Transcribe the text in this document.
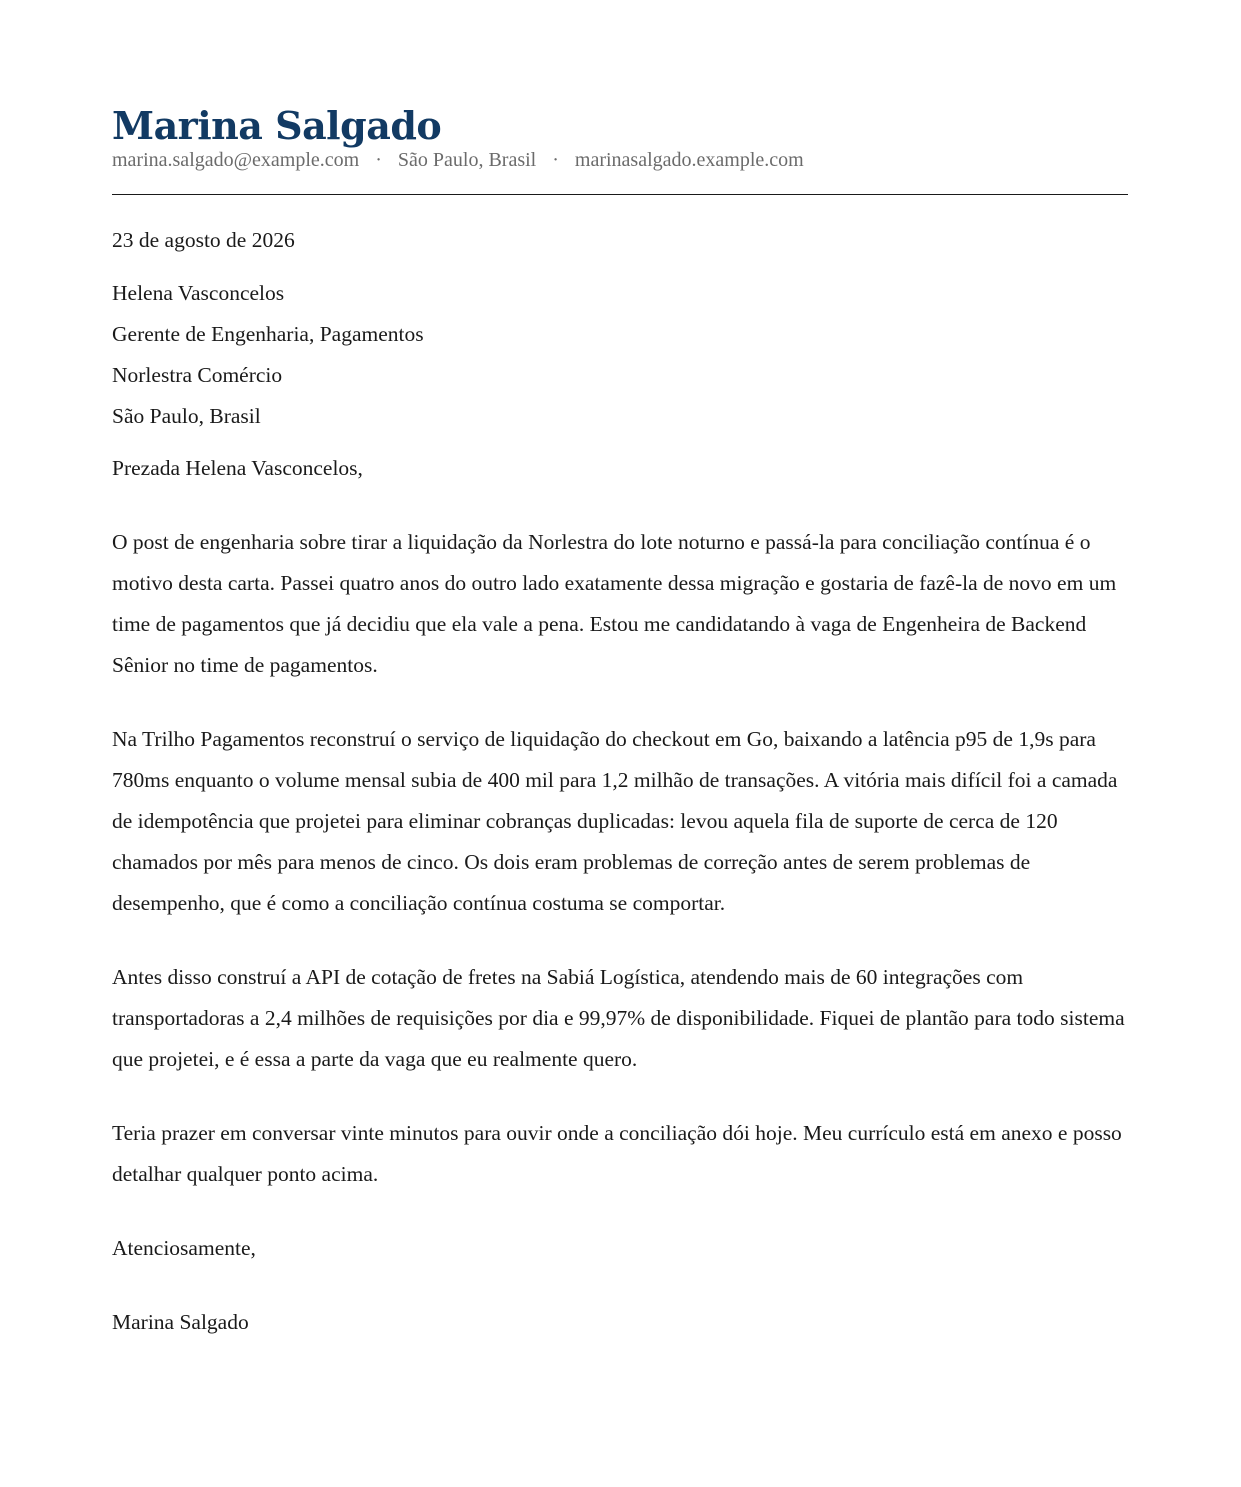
Marina Salgado
marina.salgado@example.com · São Paulo, Brasil · marinasalgado.example.com
23 de agosto de 2026
Helena Vasconcelos
Gerente de Engenharia, Pagamentos
Norlestra Comércio
São Paulo, Brasil
Prezada Helena Vasconcelos,

O post de engenharia sobre tirar a liquidação da Norlestra do lote noturno e passá-la para conciliação contínua é o motivo desta carta. Passei quatro anos do outro lado exatamente dessa migração e gostaria de fazê-la de novo em um time de pagamentos que já decidiu que ela vale a pena. Estou me candidatando à vaga de Engenheira de Backend Sênior no time de pagamentos.

Na Trilho Pagamentos reconstruí o serviço de liquidação do checkout em Go, baixando a latência p95 de 1,9s para 780ms enquanto o volume mensal subia de 400 mil para 1,2 milhão de transações. A vitória mais difícil foi a camada de idempotência que projetei para eliminar cobranças duplicadas: levou aquela fila de suporte de cerca de 120 chamados por mês para menos de cinco. Os dois eram problemas de correção antes de serem problemas de desempenho, que é como a conciliação contínua costuma se comportar.

Antes disso construí a API de cotação de fretes na Sabiá Logística, atendendo mais de 60 integrações com transportadoras a 2,4 milhões de requisições por dia e 99,97% de disponibilidade. Fiquei de plantão para todo sistema que projetei, e é essa a parte da vaga que eu realmente quero.

Teria prazer em conversar vinte minutos para ouvir onde a conciliação dói hoje. Meu currículo está em anexo e posso detalhar qualquer ponto acima.

Atenciosamente,
Marina Salgado
